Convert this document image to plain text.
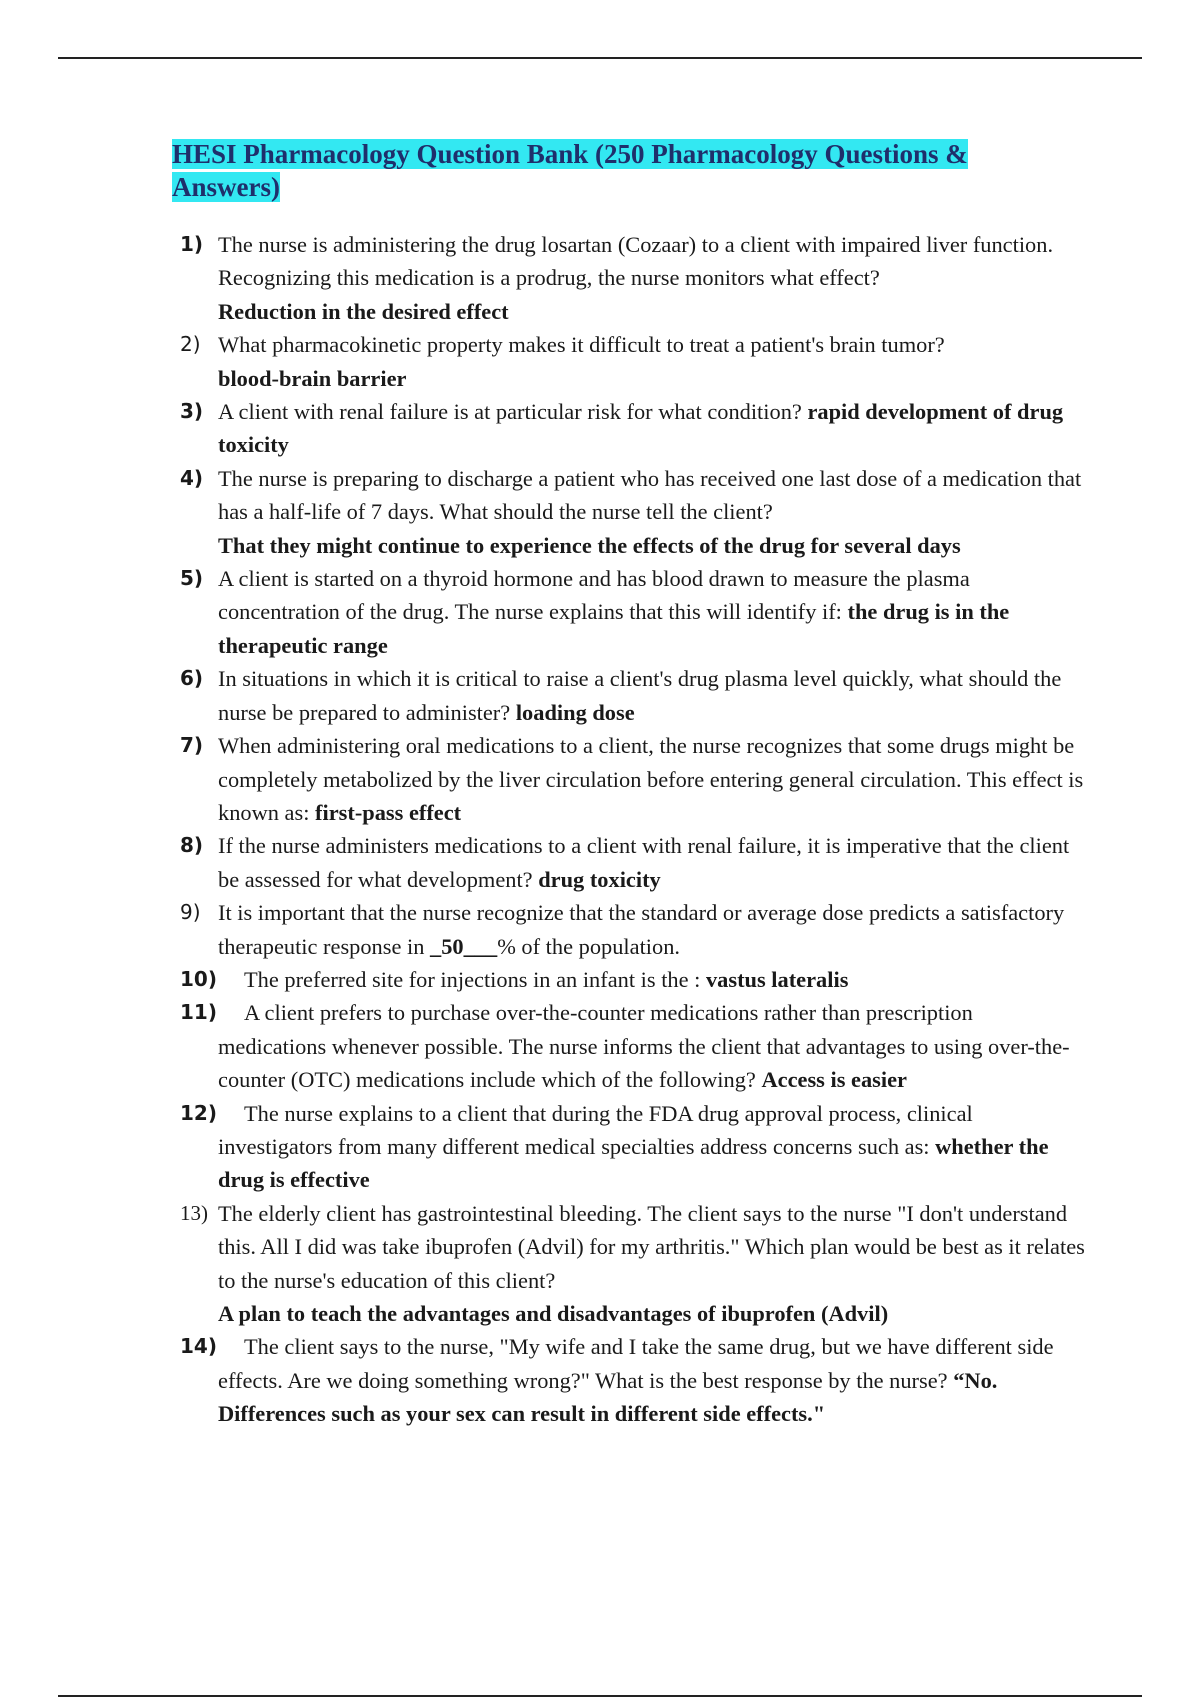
HESI Pharmacology Question Bank (250 Pharmacology Questions & Answers)
1) The nurse is administering the drug losartan (Cozaar) to a client with impaired liver function. Recognizing this medication is a prodrug, the nurse monitors what effect?
Reduction in the desired effect
2) What pharmacokinetic property makes it difficult to treat a patient's brain tumor?
blood-brain barrier
3) A client with renal failure is at particular risk for what condition? rapid development of drug toxicity
4) The nurse is preparing to discharge a patient who has received one last dose of a medication that has a half-life of 7 days. What should the nurse tell the client?
That they might continue to experience the effects of the drug for several days
5) A client is started on a thyroid hormone and has blood drawn to measure the plasma concentration of the drug. The nurse explains that this will identify if: the drug is in the therapeutic range
6) In situations in which it is critical to raise a client's drug plasma level quickly, what should the nurse be prepared to administer? loading dose
7) When administering oral medications to a client, the nurse recognizes that some drugs might be completely metabolized by the liver circulation before entering general circulation. This effect is known as: first-pass effect
8) If the nurse administers medications to a client with renal failure, it is imperative that the client be assessed for what development? drug toxicity
9) It is important that the nurse recognize that the standard or average dose predicts a satisfactory therapeutic response in _50___% of the population.
10) The preferred site for injections in an infant is the : vastus lateralis
11) A client prefers to purchase over-the-counter medications rather than prescription medications whenever possible. The nurse informs the client that advantages to using over-the-counter (OTC) medications include which of the following? Access is easier
12) The nurse explains to a client that during the FDA drug approval process, clinical investigators from many different medical specialties address concerns such as: whether the drug is effective
13) The elderly client has gastrointestinal bleeding. The client says to the nurse "I don't understand this. All I did was take ibuprofen (Advil) for my arthritis." Which plan would be best as it relates to the nurse's education of this client?
A plan to teach the advantages and disadvantages of ibuprofen (Advil)
14) The client says to the nurse, "My wife and I take the same drug, but we have different side effects. Are we doing something wrong?" What is the best response by the nurse? “No. Differences such as your sex can result in different side effects."
